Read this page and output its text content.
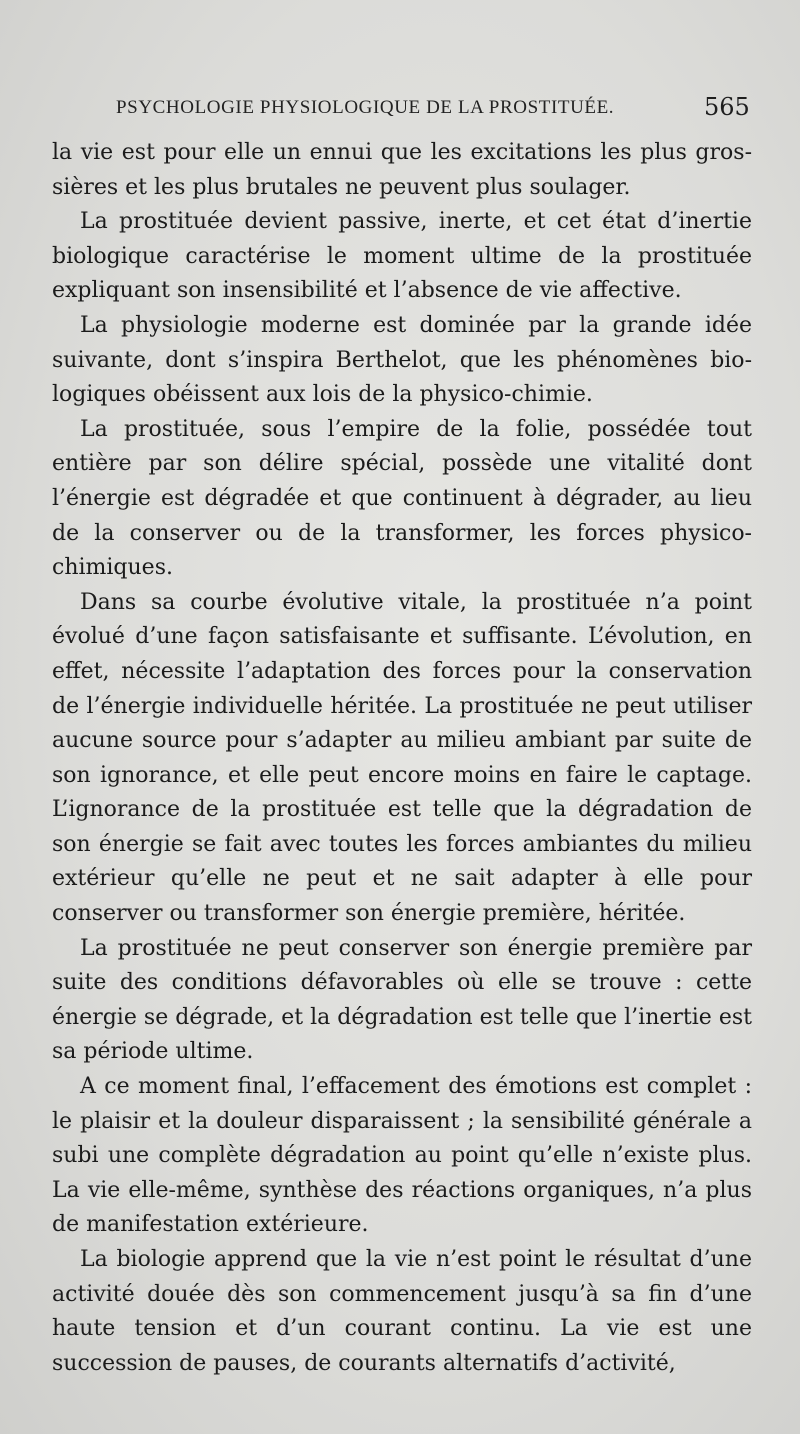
PSYCHOLOGIE PHYSIOLOGIQUE DE LA PROSTITUÉE.	565

la vie est pour elle un ennui que les excitations les plus grossières et les plus brutales ne peuvent plus soulager.

La prostituée devient passive, inerte, et cet état d’inertie biologique caractérise le moment ultime de la prostituée expliquant son insensibilité et l’absence de vie affective.

La physiologie moderne est dominée par la grande idée suivante, dont s’inspira Berthelot, que les phénomènes biologiques obéissent aux lois de la physico-chimie.

La prostituée, sous l’empire de la folie, possédée tout entière par son délire spécial, possède une vitalité dont l’énergie est dégradée et que continuent à dégrader, au lieu de la conserver ou de la transformer, les forces physico-chimiques.

Dans sa courbe évolutive vitale, la prostituée n’a point évolué d’une façon satisfaisante et suffisante. L’évolution, en effet, nécessite l’adaptation des forces pour la conservation de l’énergie individuelle héritée. La prostituée ne peut utiliser aucune source pour s’adapter au milieu ambiant par suite de son ignorance, et elle peut encore moins en faire le captage. L’ignorance de la prostituée est telle que la dégradation de son énergie se fait avec toutes les forces ambiantes du milieu extérieur qu’elle ne peut et ne sait adapter à elle pour conserver ou transformer son énergie première, héritée.

La prostituée ne peut conserver son énergie première par suite des conditions défavorables où elle se trouve : cette énergie se dégrade, et la dégradation est telle que l’inertie est sa période ultime.

A ce moment final, l’effacement des émotions est complet : le plaisir et la douleur disparaissent ; la sensibilité générale a subi une complète dégradation au point qu’elle n’existe plus. La vie elle-même, synthèse des réactions organiques, n’a plus de manifestation extérieure.

La biologie apprend que la vie n’est point le résultat d’une activité douée dès son commencement jusqu’à sa fin d’une haute tension et d’un courant continu. La vie est une succession de pauses, de courants alternatifs d’activité,
